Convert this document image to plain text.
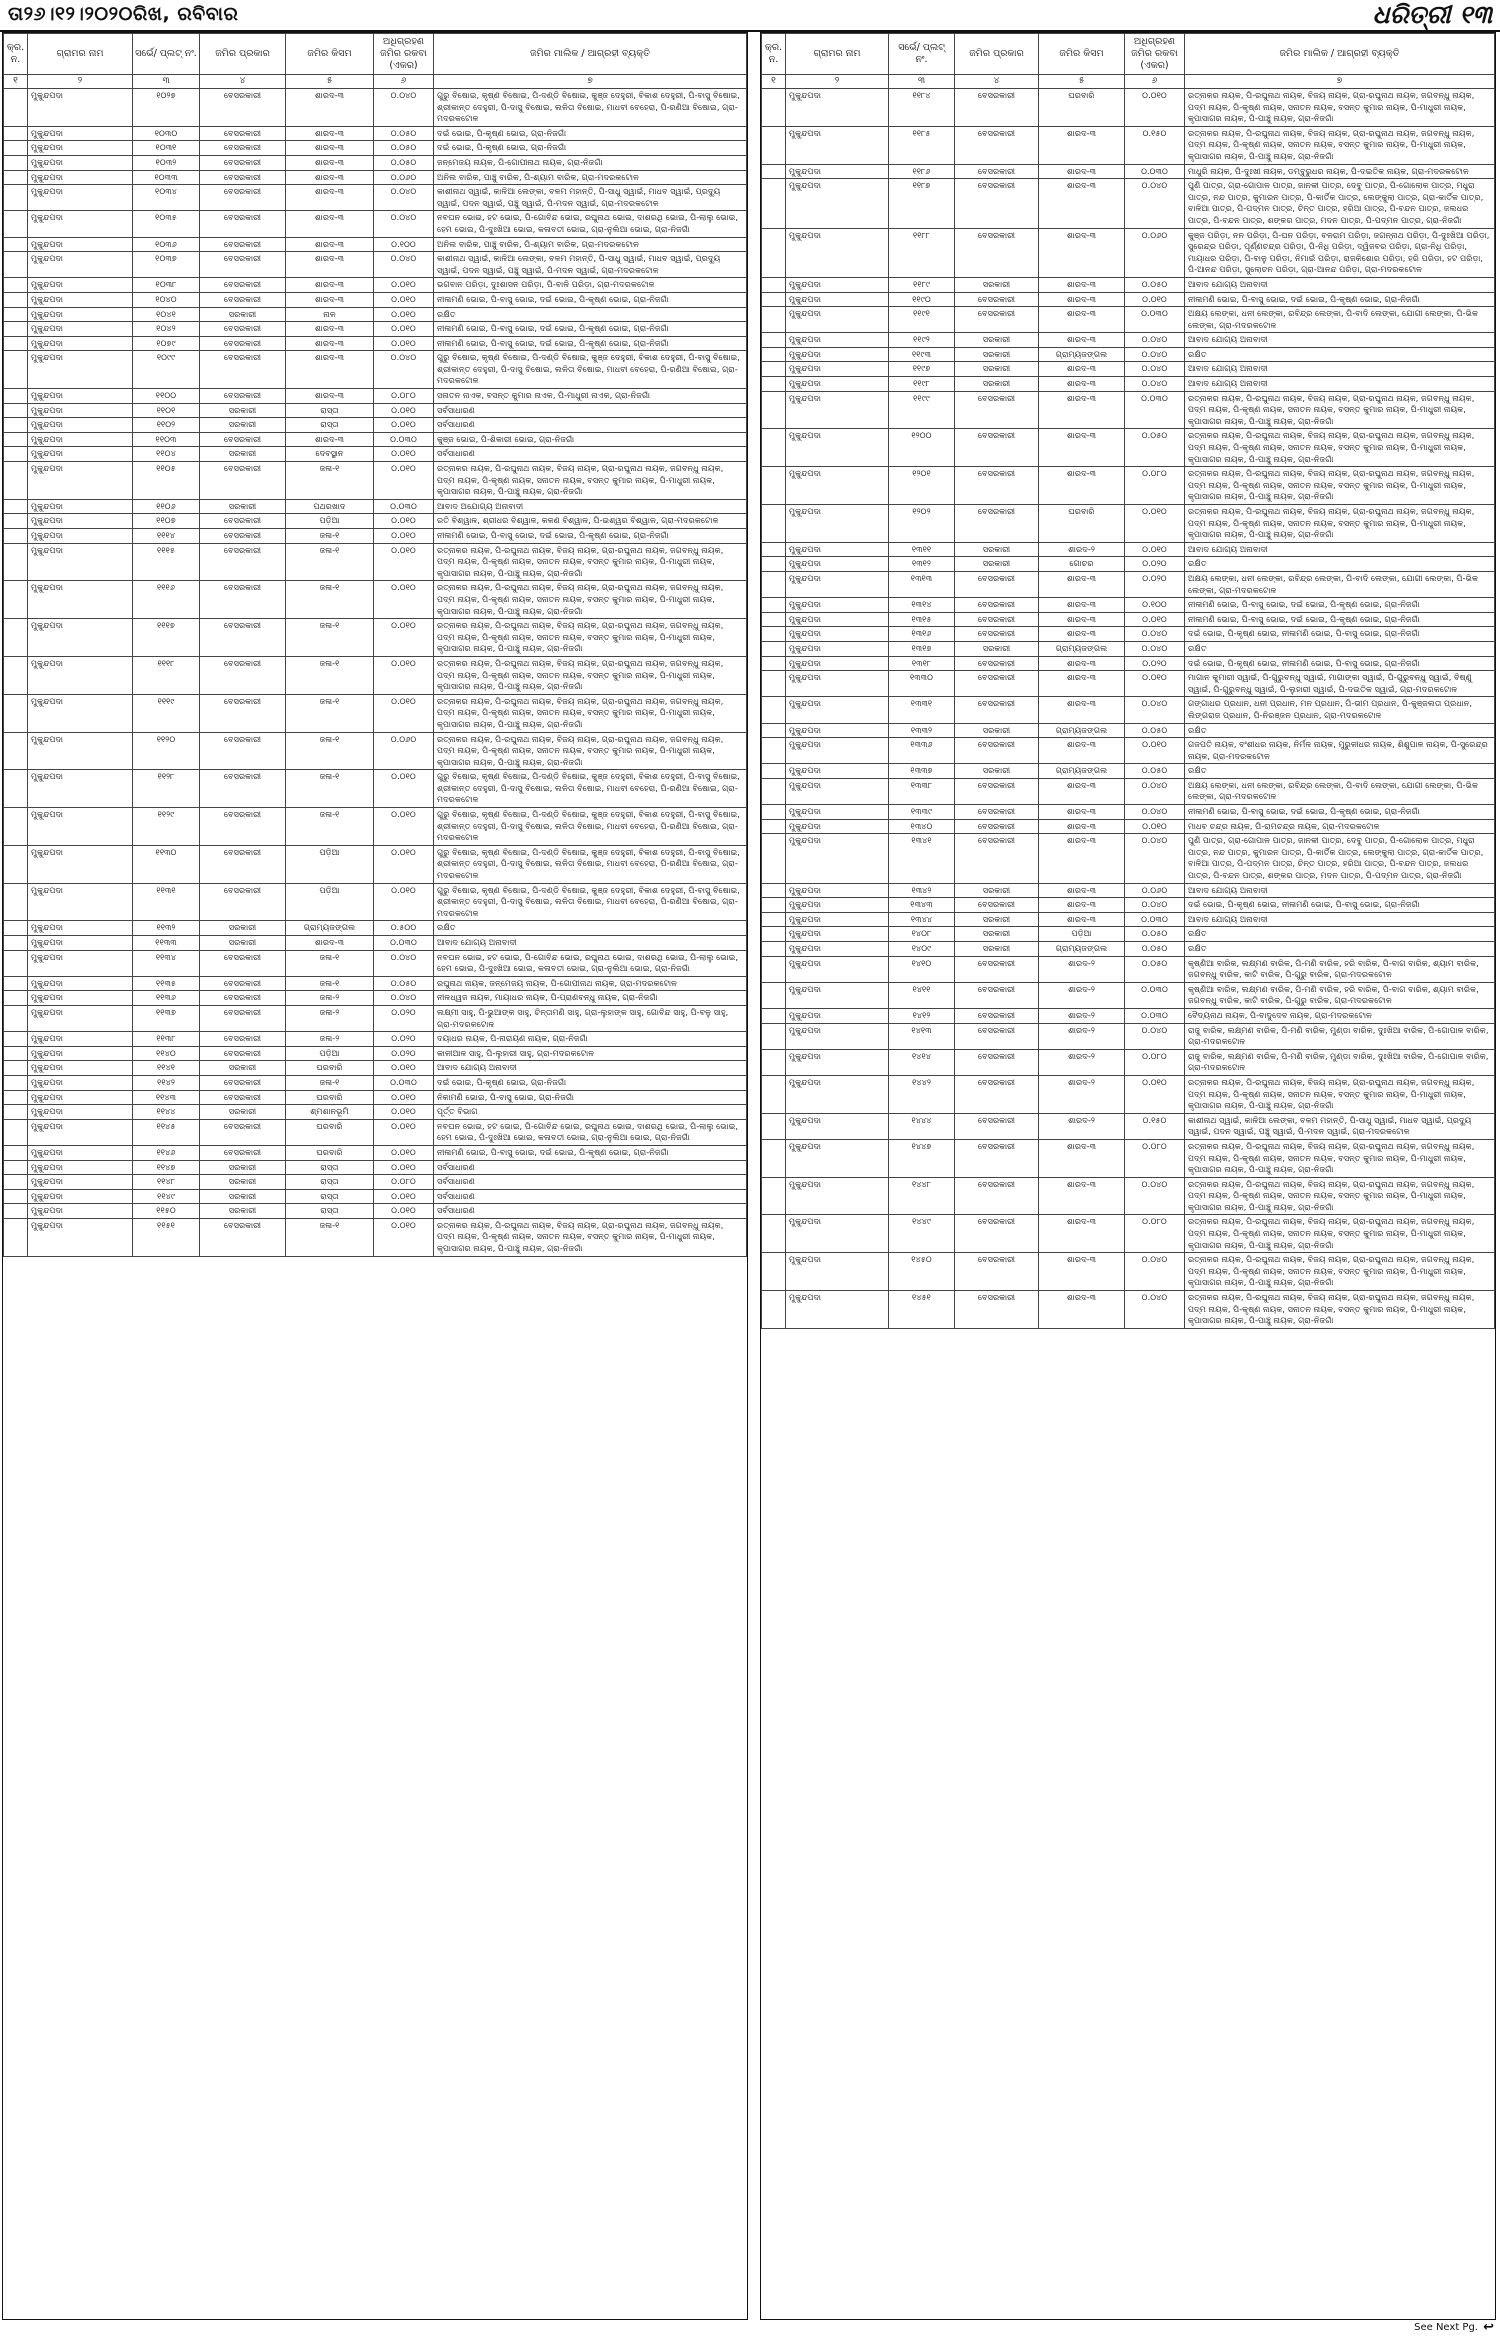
ତା୨୬।୧୨।୨୦୨୦ରିଖ, ରବିବାର	ଧରିତ୍ରୀ ୧୩
କ୍ର. ନ.	ଗ୍ରାମର ନାମ	ସର୍ଭେ/ ପ୍ଲଟ୍ ନଂ.	ଜମିର ପ୍ରକାର	ଜମିର କିସମ	ଅଧିଗ୍ରହଣ ଜମିର ରକବା (ଏକର)	ଜମିର ମାଲିକ / ଆଗ୍ରହୀ ବ୍ୟକ୍ତି
୧	୨	୩	୪	୫	୬	୭
	ମୁକୁନ୍ଦପଦା	୧୦୨୭	ବେସରକାରୀ	ଶାରଦ-୩	୦.୦୪୦	ଗୁରୁ ବିଷୋଇ, କୃଷ୍ଣ ବିଷୋଇ, ପି-ଦଣ୍ଡି ବିଷୋଇ, କୁଞ୍ଜ ଦେହୁରୀ, ବିକାଶ ଦେହୁରୀ, ପି-ବାସୁ ବିଷୋଇ, ଶ୍ରୀକାନ୍ତ ଦେହୁରୀ, ପି-ଦାସୁ ବିଷୋଇ, ଲଳିତା ବିଷୋଇ, ମାଧବୀ ବେହେରା, ପି-ରଣିଆ ବିଷୋଇ, ଗ୍ରା-ମଦରକଟୋଳ
	ମୁକୁନ୍ଦପଦା	୧୦୩୦	ବେସରକାରୀ	ଶାରଦ-୩	୦.୦୫୦	ଦଇଁ ଭୋଇ, ପି-କୃଷ୍ଣ ଭୋଇ, ଗ୍ରା-ନିଜଗାଁ
	ମୁକୁନ୍ଦପଦା	୧୦୩୧	ବେସରକାରୀ	ଶାରଦ-୩	୦.୦୫୦	ଦଇଁ ଭୋଇ, ପି-କୃଷ୍ଣ ଭୋଇ, ଗ୍ରା-ନିଜଗାଁ
	ମୁକୁନ୍ଦପଦା	୧୦୩୨	ବେସରକାରୀ	ଶାରଦ-୩	୦.୦୫୦	ଜନ୍ମେଜୟ ନାୟକ, ପି-ଗୋପୀନାଥ ନାୟକ, ଗ୍ରା-ନିଜଗାଁ
	ମୁକୁନ୍ଦପଦା	୧୦୩୩	ବେସରକାରୀ	ଶାରଦ-୩	୦.୦୬୦	ଅନିଲ ବାରିକ, ପାଞ୍ଚୁ ବାରିକ, ପି-ଶ୍ୟାମ ବାରିକ, ଗ୍ରା-ମଦରକଟୋଳ
	ମୁକୁନ୍ଦପଦା	୧୦୩୪	ବେସରକାରୀ	ଶାରଦ-୩	୦.୦୪୦	କାଶୀନାଥ ସ୍ୱାଇଁ, କାଳିଆ ଲେଙ୍କା, ବଳମ ମହାନ୍ତି, ପି-ସାଧୁ ସ୍ୱାଇଁ, ମାଧବ ସ୍ୱାଇଁ, ପ୍ରଦ୍ୟୁ ସ୍ୱାଇଁ, ପଦନ ସ୍ୱାଇଁ, ପଞ୍ଚୁ ସ୍ୱାଇଁ, ପି-ମଦନ ସ୍ୱାଇଁ, ଗ୍ରା-ମଦରକଟୋଳ
	ମୁକୁନ୍ଦପଦା	୧୦୩୫	ବେସରକାରୀ	ଶାରଦ-୩	୦.୦୪୦	ନବଘନ ଭୋଇ, ହଟ ଭୋଇ, ପି-ଗୋବିନ୍ଦ ଭୋଇ, ରଘୁନାଥ ଭୋଇ, ଦାଶରଥି ଭୋଇ, ପି-ଲାଲୁ ଭୋଇ, ହେମ ଭୋଇ, ପି-ଦୁଃଖିଆ ଭୋଇ, କଳାବତୀ ଭୋଇ, ଗ୍ରା-ନୁଲିଆ ଭୋଇ, ଗ୍ରା-ନିଜଗାଁ
	ମୁକୁନ୍ଦପଦା	୧୦୩୬	ବେସରକାରୀ	ଶାରଦ-୩	୦.୧୦୦	ଅନିଲ ବାରିକ, ପାଞ୍ଚୁ ବାରିକ, ପି-ଶ୍ୟାମ ବାରିକ, ଗ୍ରା-ମଦରକଟୋଳ
	ମୁକୁନ୍ଦପଦା	୧୦୩୭	ବେସରକାରୀ	ଶାରଦ-୩	୦.୦୪୦	କାଶୀନାଥ ସ୍ୱାଇଁ, କାଳିଆ ଲେଙ୍କା, ବଳମ ମହାନ୍ତି, ପି-ସାଧୁ ସ୍ୱାଇଁ, ମାଧବ ସ୍ୱାଇଁ, ପ୍ରଦ୍ୟୁ ସ୍ୱାଇଁ, ପଦନ ସ୍ୱାଇଁ, ପଞ୍ଚୁ ସ୍ୱାଇଁ, ପି-ମଦନ ସ୍ୱାଇଁ, ଗ୍ରା-ମଦରକଟୋଳ
	ମୁକୁନ୍ଦପଦା	୧୦୩୮	ବେସରକାରୀ	ଶାରଦ-୩	୦.୦୧୦	ଭଗବାନ ପରିଡ଼ା, ଦୁଃଶାସନ ପରିଡ଼ା, ପି-ବାଳି ପରିଡ଼ା, ଗ୍ରା-ମଦରକଟୋଳ
	ମୁକୁନ୍ଦପଦା	୧୦୪୦	ବେସରକାରୀ	ଶାରଦ-୩	୦.୦୧୦	ନୀଳାମଣି ଭୋଇ, ପି-ବାସୁ ଭୋଇ, ଦଇଁ ଭୋଇ, ପି-କୃଷ୍ଣ ଭୋଇ, ଗ୍ରା-ନିଜଗାଁ
	ମୁକୁନ୍ଦପଦା	୧୦୪୧	ସରକାରୀ	ନାଳ	୦.୦୧୦	ରକ୍ଷିତ
	ମୁକୁନ୍ଦପଦା	୧୦୪୨	ବେସରକାରୀ	ଶାରଦ-୩	୦.୦୧୦	ନୀଳାମଣି ଭୋଇ, ପି-ବାସୁ ଭୋଇ, ଦଇଁ ଭୋଇ, ପି-କୃଷ୍ଣ ଭୋଇ, ଗ୍ରା-ନିଜଗାଁ
	ମୁକୁନ୍ଦପଦା	୧୦୭୯	ବେସରକାରୀ	ଶାରଦ-୩	୦.୦୧୦	ନୀଳାମଣି ଭୋଇ, ପି-ବାସୁ ଭୋଇ, ଦଇଁ ଭୋଇ, ପି-କୃଷ୍ଣ ଭୋଇ, ଗ୍ରା-ନିଜଗାଁ
	ମୁକୁନ୍ଦପଦା	୧୦୯୯	ବେସରକାରୀ	ଶାରଦ-୩	୦.୦୪୦	ଗୁରୁ ବିଷୋଇ, କୃଷ୍ଣ ବିଷୋଇ, ପି-ଦଣ୍ଡି ବିଷୋଇ, କୁଞ୍ଜ ଦେହୁରୀ, ବିକାଶ ଦେହୁରୀ, ପି-ବାସୁ ବିଷୋଇ, ଶ୍ରୀକାନ୍ତ ଦେହୁରୀ, ପି-ଦାସୁ ବିଷୋଇ, ଲଳିତା ବିଷୋଇ, ମାଧବୀ ବେହେରା, ପି-ରଣିଆ ବିଷୋଇ, ଗ୍ରା-ମଦରକଟୋଳ
	ମୁକୁନ୍ଦପଦା	୧୧୦୦	ବେସରକାରୀ	ଶାରଦ-୩	୦.୦୮୦	ସନାତନ ନାଏକ, ବସନ୍ତ କୁମାର ନାଏକ, ପି-ମାଧୁରୀ ନାଏକ, ଗ୍ରା-ନିଜଗାଁ
	ମୁକୁନ୍ଦପଦା	୧୧୦୧	ସରକାରୀ	ରାସ୍ତା	୦.୦୧୦	ସର୍ବସାଧାରଣ
	ମୁକୁନ୍ଦପଦା	୧୧୦୨	ସରକାରୀ	ରାସ୍ତା	୦.୦୧୦	ସର୍ବସାଧାରଣ
	ମୁକୁନ୍ଦପଦା	୧୧୦୩	ବେସରକାରୀ	ଶାରଦ-୩	୦.୦୩୦	କୁଞ୍ଜ ଭୋଇ, ପି-ଶିକାରୀ ଭୋଇ, ଗ୍ରା-ନିଜଗାଁ
	ମୁକୁନ୍ଦପଦା	୧୧୦୪	ସରକାରୀ	ଦେବସ୍ଥାନ	୦.୦୧୦	ସର୍ବସାଧାରଣ
	ମୁକୁନ୍ଦପଦା	୧୧୦୫	ବେସରକାରୀ	ଜଳା-୧	୦.୦୧୦	ରତ୍ନାକର ନାୟକ, ପି-ରଘୁନାଥ ନାୟକ, ବିଜୟ ନାୟକ, ଗ୍ରା-ରଘୁନାଥ ନାୟକ, ଜଗବନ୍ଧୁ ନାୟକ, ପଦ୍ମ ନାୟକ, ପି-କୃଷ୍ଣ ନାୟକ, ସନାତନ ନାୟକ, ବସନ୍ତ କୁମାର ନାୟକ, ପି-ମାଧୁରୀ ନାୟକ, କୃପାସାଗର ନାୟକ, ପି-ପାଞ୍ଚୁ ନାୟକ, ଗ୍ରା-ନିଜଗାଁ
	ମୁକୁନ୍ଦପଦା	୧୧୦୬	ସରକାରୀ	ପଥରଖାଦ	୦.୦୩୦	ଆବାଦ ଅଯୋଗ୍ୟ ଅନାବାଦୀ
	ମୁକୁନ୍ଦପଦା	୧୧୦୭	ବେସରକାରୀ	ପଡ଼ିଆ	୦.୦୧୦	ରତି ବିଶ୍ୱାଳ, ଶ୍ରୀଧର ବିଶ୍ୱାଳ, କଳଣ ବିଶ୍ୱାଳ, ପି-ଇଶ୍ୱର ବିଶ୍ୱାଳ, ଗ୍ରା-ମଦରକଟୋଳ
	ମୁକୁନ୍ଦପଦା	୧୧୧୪	ବେସରକାରୀ	ଜଳା-୧	୦.୦୧୦	ନୀଳାମଣି ଭୋଇ, ପି-ବାସୁ ଭୋଇ, ଦଇଁ ଭୋଇ, ପି-କୃଷ୍ଣ ଭୋଇ, ଗ୍ରା-ନିଜଗାଁ
	ମୁକୁନ୍ଦପଦା	୧୧୧୫	ବେସରକାରୀ	ଜଳା-୧	୦.୦୧୦	ରତ୍ନାକର ନାୟକ, ପି-ରଘୁନାଥ ନାୟକ, ବିଜୟ ନାୟକ, ଗ୍ରା-ରଘୁନାଥ ନାୟକ, ଜଗବନ୍ଧୁ ନାୟକ, ପଦ୍ମ ନାୟକ, ପି-କୃଷ୍ଣ ନାୟକ, ସନାତନ ନାୟକ, ବସନ୍ତ କୁମାର ନାୟକ, ପି-ମାଧୁରୀ ନାୟକ, କୃପାସାଗର ନାୟକ, ପି-ପାଞ୍ଚୁ ନାୟକ, ଗ୍ରା-ନିଜଗାଁ
	ମୁକୁନ୍ଦପଦା	୧୧୧୬	ବେସରକାରୀ	ଜଳା-୧	୦.୦୧୦	ରତ୍ନାକର ନାୟକ, ପି-ରଘୁନାଥ ନାୟକ, ବିଜୟ ନାୟକ, ଗ୍ରା-ରଘୁନାଥ ନାୟକ, ଜଗବନ୍ଧୁ ନାୟକ, ପଦ୍ମ ନାୟକ, ପି-କୃଷ୍ଣ ନାୟକ, ସନାତନ ନାୟକ, ବସନ୍ତ କୁମାର ନାୟକ, ପି-ମାଧୁରୀ ନାୟକ, କୃପାସାଗର ନାୟକ, ପି-ପାଞ୍ଚୁ ନାୟକ, ଗ୍ରା-ନିଜଗାଁ
	ମୁକୁନ୍ଦପଦା	୧୧୧୭	ବେସରକାରୀ	ଜଳା-୧	୦.୦୧୦	ରତ୍ନାକର ନାୟକ, ପି-ରଘୁନାଥ ନାୟକ, ବିଜୟ ନାୟକ, ଗ୍ରା-ରଘୁନାଥ ନାୟକ, ଜଗବନ୍ଧୁ ନାୟକ, ପଦ୍ମ ନାୟକ, ପି-କୃଷ୍ଣ ନାୟକ, ସନାତନ ନାୟକ, ବସନ୍ତ କୁମାର ନାୟକ, ପି-ମାଧୁରୀ ନାୟକ, କୃପାସାଗର ନାୟକ, ପି-ପାଞ୍ଚୁ ନାୟକ, ଗ୍ରା-ନିଜଗାଁ
	ମୁକୁନ୍ଦପଦା	୧୧୧୮	ବେସରକାରୀ	ଜଳା-୧	୦.୦୧୦	ରତ୍ନାକର ନାୟକ, ପି-ରଘୁନାଥ ନାୟକ, ବିଜୟ ନାୟକ, ଗ୍ରା-ରଘୁନାଥ ନାୟକ, ଜଗବନ୍ଧୁ ନାୟକ, ପଦ୍ମ ନାୟକ, ପି-କୃଷ୍ଣ ନାୟକ, ସନାତନ ନାୟକ, ବସନ୍ତ କୁମାର ନାୟକ, ପି-ମାଧୁରୀ ନାୟକ, କୃପାସାଗର ନାୟକ, ପି-ପାଞ୍ଚୁ ନାୟକ, ଗ୍ରା-ନିଜଗାଁ
	ମୁକୁନ୍ଦପଦା	୧୧୧୯	ବେସରକାରୀ	ଜଳା-୧	୦.୦୧୦	ରତ୍ନାକର ନାୟକ, ପି-ରଘୁନାଥ ନାୟକ, ବିଜୟ ନାୟକ, ଗ୍ରା-ରଘୁନାଥ ନାୟକ, ଜଗବନ୍ଧୁ ନାୟକ, ପଦ୍ମ ନାୟକ, ପି-କୃଷ୍ଣ ନାୟକ, ସନାତନ ନାୟକ, ବସନ୍ତ କୁମାର ନାୟକ, ପି-ମାଧୁରୀ ନାୟକ, କୃପାସାଗର ନାୟକ, ପି-ପାଞ୍ଚୁ ନାୟକ, ଗ୍ରା-ନିଜଗାଁ
	ମୁକୁନ୍ଦପଦା	୧୧୨୦	ବେସରକାରୀ	ଜଳା-୧	୦.୦୬୦	ରତ୍ନାକର ନାୟକ, ପି-ରଘୁନାଥ ନାୟକ, ବିଜୟ ନାୟକ, ଗ୍ରା-ରଘୁନାଥ ନାୟକ, ଜଗବନ୍ଧୁ ନାୟକ, ପଦ୍ମ ନାୟକ, ପି-କୃଷ୍ଣ ନାୟକ, ସନାତନ ନାୟକ, ବସନ୍ତ କୁମାର ନାୟକ, ପି-ମାଧୁରୀ ନାୟକ, କୃପାସାଗର ନାୟକ, ପି-ପାଞ୍ଚୁ ନାୟକ, ଗ୍ରା-ନିଜଗାଁ
	ମୁକୁନ୍ଦପଦା	୧୧୨୮	ବେସରକାରୀ	ଜଳା-୧	୦.୦୧୦	ଗୁରୁ ବିଷୋଇ, କୃଷ୍ଣ ବିଷୋଇ, ପି-ଦଣ୍ଡି ବିଷୋଇ, କୁଞ୍ଜ ଦେହୁରୀ, ବିକାଶ ଦେହୁରୀ, ପି-ବାସୁ ବିଷୋଇ, ଶ୍ରୀକାନ୍ତ ଦେହୁରୀ, ପି-ଦାସୁ ବିଷୋଇ, ଲଳିତା ବିଷୋଇ, ମାଧବୀ ବେହେରା, ପି-ରଣିଆ ବିଷୋଇ, ଗ୍ରା-ମଦରକଟୋଳ
	ମୁକୁନ୍ଦପଦା	୧୧୨୯	ବେସରକାରୀ	ଜଳା-୧	୦.୦୧୦	ଗୁରୁ ବିଷୋଇ, କୃଷ୍ଣ ବିଷୋଇ, ପି-ଦଣ୍ଡି ବିଷୋଇ, କୁଞ୍ଜ ଦେହୁରୀ, ବିକାଶ ଦେହୁରୀ, ପି-ବାସୁ ବିଷୋଇ, ଶ୍ରୀକାନ୍ତ ଦେହୁରୀ, ପି-ଦାସୁ ବିଷୋଇ, ଲଳିତା ବିଷୋଇ, ମାଧବୀ ବେହେରା, ପି-ରଣିଆ ବିଷୋଇ, ଗ୍ରା-ମଦରକଟୋଳ
	ମୁକୁନ୍ଦପଦା	୧୧୩୦	ବେସରକାରୀ	ପଡ଼ିଆ	୦.୦୧୦	ଗୁରୁ ବିଷୋଇ, କୃଷ୍ଣ ବିଷୋଇ, ପି-ଦଣ୍ଡି ବିଷୋଇ, କୁଞ୍ଜ ଦେହୁରୀ, ବିକାଶ ଦେହୁରୀ, ପି-ବାସୁ ବିଷୋଇ, ଶ୍ରୀକାନ୍ତ ଦେହୁରୀ, ପି-ଦାସୁ ବିଷୋଇ, ଲଳିତା ବିଷୋଇ, ମାଧବୀ ବେହେରା, ପି-ରଣିଆ ବିଷୋଇ, ଗ୍ରା-ମଦରକଟୋଳ
	ମୁକୁନ୍ଦପଦା	୧୧୩୧	ବେସରକାରୀ	ପଡ଼ିଆ	୦.୦୧୦	ଗୁରୁ ବିଷୋଇ, କୃଷ୍ଣ ବିଷୋଇ, ପି-ଦଣ୍ଡି ବିଷୋଇ, କୁଞ୍ଜ ଦେହୁରୀ, ବିକାଶ ଦେହୁରୀ, ପି-ବାସୁ ବିଷୋଇ, ଶ୍ରୀକାନ୍ତ ଦେହୁରୀ, ପି-ଦାସୁ ବିଷୋଇ, ଲଳିତା ବିଷୋଇ, ମାଧବୀ ବେହେରା, ପି-ରଣିଆ ବିଷୋଇ, ଗ୍ରା-ମଦରକଟୋଳ
	ମୁକୁନ୍ଦପଦା	୧୧୩୨	ସରକାରୀ	ଗ୍ରାମ୍ୟଜଙ୍ଗଲ	୦.୫୦୦	ରକ୍ଷିତ
	ମୁକୁନ୍ଦପଦା	୧୧୩୩	ସରକାରୀ	ଶାରଦ-୩	୦.୦୩୦	ଆବାଦ ଯୋଗ୍ୟ ଅନାବାଦୀ
	ମୁକୁନ୍ଦପଦା	୧୧୩୪	ବେସରକାରୀ	ଜଳା-୧	୦.୦୪୦	ନବଘନ ଭୋଇ, ହଟ ଭୋଇ, ପି-ଗୋବିନ୍ଦ ଭୋଇ, ରଘୁନାଥ ଭୋଇ, ଦାଶରଥି ଭୋଇ, ପି-ଲାଲୁ ଭୋଇ, ହେମ ଭୋଇ, ପି-ଦୁଃଖିଆ ଭୋଇ, କଳାବତୀ ଭୋଇ, ଗ୍ରା-ନୁଲିଆ ଭୋଇ, ଗ୍ରା-ନିଜଗାଁ
	ମୁକୁନ୍ଦପଦା	୧୧୩୫	ବେସରକାରୀ	ଜଳା-୧	୦.୦୫୦	ରଘୁନାଥ ନାୟକ, ଜନ୍ମେଜୟ ନାୟକ, ପି-ଗୋପୀନାଥ ନାୟକ, ଗ୍ରା-ମଦରକଟୋଳ
	ମୁକୁନ୍ଦପଦା	୧୧୩୬	ବେସରକାରୀ	ଜଳା-୨	୦.୦୪୦	ନୀଳଧ୍ୱଜ ନାୟକ, ମାୟାଧର ନାୟକ, ପି-ପ୍ରାଣବନ୍ଧୁ ନାୟକ, ଗ୍ରା-ନିଜଗାଁ
	ମୁକୁନ୍ଦପଦା	୧୧୩୭	ବେସରକାରୀ	ଜଳା-୨	୦.୦୨୦	ଲକ୍ଷ୍ମୀ ସାହୁ, ପି-ଭୁଆଙ୍କ ସାହୁ, ଚିନ୍ତାମଣି ସାହୁ, ଗ୍ରା-ଲୁହାଙ୍କ ସାହୁ, ଗୋବିନ୍ଦ ସାହୁ, ପି-ବଳୁ ସାହୁ, ଗ୍ରା-ମଦରକଟୋଳ
	ମୁକୁନ୍ଦପଦା	୧୧୩୮	ବେସରକାରୀ	ଜଳା-୨	୦.୦୨୦	ଦୟାଧର ନାୟକ, ପି-ନାରାୟଣ ନାୟକ, ଗ୍ରା-ନିଜଗାଁ
	ମୁକୁନ୍ଦପଦା	୧୧୪୦	ବେସରକାରୀ	ପଡ଼ିଆ	୦.୦୨୦	କାଳୀଆଳ ସାହୁ, ପି-ଲୁହାରୀ ସାହୁ, ଗ୍ରା-ମଦରକଟୋଳ
	ମୁକୁନ୍ଦପଦା	୧୧୪୧	ସରକାରୀ	ଘରବାରି	୦.୦୧୦	ଆବାଦ ଯୋଗ୍ୟ ଅନାବାଦୀ
	ମୁକୁନ୍ଦପଦା	୧୧୪୨	ବେସରକାରୀ	ଜଳା-୧	୦.୦୩୦	ଦଇଁ ଭୋଇ, ପି-କୃଷ୍ଣ ଭୋଇ, ଗ୍ରା-ନିଜଗାଁ
	ମୁକୁନ୍ଦପଦା	୧୧୪୩	ବେସରକାରୀ	ଘରବାରି	୦.୦୧୦	ନିକାମଣି ଭୋଇ, ପି-ବାସୁ ଭୋଇ, ଗ୍ରା-ନିଜଗାଁ
	ମୁକୁନ୍ଦପଦା	୧୧୪୪	ସରକାରୀ	ଶ୍ମଶାନଭୂମି	୦.୦୧୦	ପୂର୍ତ୍ତ ବିଭାଗ
	ମୁକୁନ୍ଦପଦା	୧୧୪୫	ବେସରକାରୀ	ଘରବାରି	୦.୦୧୦	ନବଘନ ଭୋଇ, ହଟ ଭୋଇ, ପି-ଗୋବିନ୍ଦ ଭୋଇ, ରଘୁନାଥ ଭୋଇ, ଦାଶରଥି ଭୋଇ, ପି-ଲାଲୁ ଭୋଇ, ହେମ ଭୋଇ, ପି-ଦୁଃଖିଆ ଭୋଇ, କଳାବତୀ ଭୋଇ, ଗ୍ରା-ନୁଲିଆ ଭୋଇ, ଗ୍ରା-ନିଜଗାଁ
	ମୁକୁନ୍ଦପଦା	୧୧୪୬	ବେସରକାରୀ	ଘରବାରି	୦.୦୧୦	ନୀଳାମଣି ଭୋଇ, ପି-ବାସୁ ଭୋଇ, ଦଇଁ ଭୋଇ, ପି-କୃଷ୍ଣ ଭୋଇ, ଗ୍ରା-ନିଜଗାଁ
	ମୁକୁନ୍ଦପଦା	୧୧୪୭	ସରକାରୀ	ରାସ୍ତା	୦.୦୧୦	ସର୍ବସାଧାରଣ
	ମୁକୁନ୍ଦପଦା	୧୧୪୮	ସରକାରୀ	ରାସ୍ତା	୦.୦୮୦	ସର୍ବସାଧାରଣ
	ମୁକୁନ୍ଦପଦା	୧୧୪୯	ସରକାରୀ	ରାସ୍ତା	୦.୦୧୦	ସର୍ବସାଧାରଣ
	ମୁକୁନ୍ଦପଦା	୧୧୫୦	ସରକାରୀ	ରାସ୍ତା	୦.୦୧୦	ସର୍ବସାଧାରଣ
	ମୁକୁନ୍ଦପଦା	୧୧୫୧	ବେସରକାରୀ	ଜଳା-୧	୦.୦୧୦	ରତ୍ନାକର ନାୟକ, ପି-ରଘୁନାଥ ନାୟକ, ବିଜୟ ନାୟକ, ଗ୍ରା-ରଘୁନାଥ ନାୟକ, ଜଗବନ୍ଧୁ ନାୟକ, ପଦ୍ମ ନାୟକ, ପି-କୃଷ୍ଣ ନାୟକ, ସନାତନ ନାୟକ, ବସନ୍ତ କୁମାର ନାୟକ, ପି-ମାଧୁରୀ ନାୟକ, କୃପାସାଗର ନାୟକ, ପି-ପାଞ୍ଚୁ ନାୟକ, ଗ୍ରା-ନିଜଗାଁ
କ୍ର. ନ.	ଗ୍ରାମର ନାମ	ସର୍ଭେ/ ପ୍ଲଟ୍ ନଂ.	ଜମିର ପ୍ରକାର	ଜମିର କିସମ	ଅଧିଗ୍ରହଣ ଜମିର ରକବା (ଏକର)	ଜମିର ମାଲିକ / ଆଗ୍ରହୀ ବ୍ୟକ୍ତି
୧	୨	୩	୪	୫	୬	୭
	ମୁକୁନ୍ଦପଦା	୧୧୮୪	ବେସରକାରୀ	ଘରବାରି	୦.୦୧୦	ରତ୍ନାକର ନାୟକ, ପି-ରଘୁନାଥ ନାୟକ, ବିଜୟ ନାୟକ, ଗ୍ରା-ରଘୁନାଥ ନାୟକ, ଜଗବନ୍ଧୁ ନାୟକ, ପଦ୍ମ ନାୟକ, ପି-କୃଷ୍ଣ ନାୟକ, ସନାତନ ନାୟକ, ବସନ୍ତ କୁମାର ନାୟକ, ପି-ମାଧୁରୀ ନାୟକ, କୃପାସାଗର ନାୟକ, ପି-ପାଞ୍ଚୁ ନାୟକ, ଗ୍ରା-ନିଜଗାଁ
	ମୁକୁନ୍ଦପଦା	୧୧୮୫	ବେସରକାରୀ	ଶାରଦ-୩	୦.୧୫୦	ରତ୍ନାକର ନାୟକ, ପି-ରଘୁନାଥ ନାୟକ, ବିଜୟ ନାୟକ, ଗ୍ରା-ରଘୁନାଥ ନାୟକ, ଜଗବନ୍ଧୁ ନାୟକ, ପଦ୍ମ ନାୟକ, ପି-କୃଷ୍ଣ ନାୟକ, ସନାତନ ନାୟକ, ବସନ୍ତ କୁମାର ନାୟକ, ପି-ମାଧୁରୀ ନାୟକ, କୃପାସାଗର ନାୟକ, ପି-ପାଞ୍ଚୁ ନାୟକ, ଗ୍ରା-ନିଜଗାଁ
	ମୁକୁନ୍ଦପଦା	୧୧୮୬	ବେସରକାରୀ	ଶାରଦ-୩	୦.୦୩୦	ମାଧୁରି ନାୟକ, ପି-ଦୁଃଖୀ ନାୟକ, ଡମ୍ବୁରୁଧର ନାୟକ, ପି-ଦଇତିକ ନାୟକ, ଗ୍ରା-ମଦରକଟୋଳ
	ମୁକୁନ୍ଦପଦା	୧୧୮୭	ବେସରକାରୀ	ଶାରଦ-୩	୦.୦୪୦	ପୁଣି ପାତ୍ର, ଗ୍ରା-ଗୋପାଳ ପାତ୍ର, ଜାନକୀ ପାତ୍ର, ଦେବୁ ପାତ୍ର, ପି-ଗୋଲୋକ ପାତ୍ର, ମଧୁରା ପାତ୍ର, ନନ୍ଦ ପାତ୍ର, କୁମାରନ ପାତ୍ର, ପି-କାର୍ତିକ ପାତ୍ର, ଲେଙ୍କୁଲା ପାତ୍ର, ଗ୍ରା-କାର୍ତିକ ପାତ୍ର, ବାଳିଆ ପାତ୍ର, ପି-ପଦ୍ମନ ପାତ୍ର, ଚିନ୍ତ ପାତ୍ର, ହରିଆ ପାତ୍ର, ପି-ବନ୍ଦନ ପାତ୍ର, ଜଲଧର ପାତ୍ର, ପି-ବନ୍ଦନ ପାତ୍ର, ଶଙ୍କର ପାତ୍ର, ମଦନ ପାତ୍ର, ପି-ପଦ୍ମନ ପାତ୍ର, ଗ୍ରା-ନିଜଗାଁ
	ମୁକୁନ୍ଦପଦା	୧୧୮୮	ବେସରକାରୀ	ଶାରଦ-୩	୦.୦୬୦	କୁଞ୍ଜ ପରିଡ଼ା, ନନ ପରିଡ଼ା, ପି-ଘନ ପରିଡ଼ା, ବଳରାମ ପରିଡ଼ା, ଜଗନ୍ନାଥ ପରିଡ଼ା, ପି-ଦୁଃଖିଆ ପରିଡ଼ା, ସୁରେନ୍ଦ୍ର ପରିଡ଼ା, ପୂର୍ଣ୍ଣଚନ୍ଦ୍ର ପରିଡ଼ା, ପି-ନିଧି ପରିଡ଼ା, ଦ୍ୱିଜବର ପରିଡ଼ା, ଗ୍ରା-ନିଧି ପରିଡ଼ା, ମାୟାଧର ପରିଡ଼ା, ପି-ବାଳୁ ପରିଡ଼ା, ନିମାଇଁ ପରିଡ଼ା, ରାଜକିଶୋର ପରିଡ଼ା, ହରି ପରିଡ଼ା, ହଟ ପରିଡ଼ା, ପି-ଆନନ୍ଦ ପରିଡ଼ା, ସୁଲୋଚନ ପରିଡ଼ା, ଗ୍ରା-ଆନନ୍ଦ ପରିଡ଼ା, ଗ୍ରା-ମଦରକଟୋଳ
	ମୁକୁନ୍ଦପଦା	୧୧୮୯	ସରକାରୀ	ଶାରଦ-୩	୦.୦୫୦	ଆବାଦ ଯୋଗ୍ୟ ଅନାବାଦୀ
	ମୁକୁନ୍ଦପଦା	୧୧୯୦	ବେସରକାରୀ	ଶାରଦ-୩	୦.୦୧୦	ନୀଳାମଣି ଭୋଇ, ପି-ବାସୁ ଭୋଇ, ଦଇଁ ଭୋଇ, ପି-କୃଷ୍ଣ ଭୋଇ, ଗ୍ରା-ନିଜଗାଁ
	ମୁକୁନ୍ଦପଦା	୧୧୯୧	ବେସରକାରୀ	ଶାରଦ-୩	୦.୦୩୦	ଅକ୍ଷୟ ଲେଙ୍କା, ଧନୀ ଲେଙ୍କା, ରବିନ୍ଦ୍ର ଲେଙ୍କା, ପି-ବାଦି ଲେଙ୍କା, ଯୋଗୀ ଲେଙ୍କା, ପି-ଭିକ ଲେଙ୍କା, ଗ୍ରା-ମଦରକଟୋଳ
	ମୁକୁନ୍ଦପଦା	୧୧୯୨	ସରକାରୀ	ଶାରଦ-୩	୦.୦୪୦	ଆବାଦ ଯୋଗ୍ୟ ଅନାବାଦୀ
	ମୁକୁନ୍ଦପଦା	୧୧୯୩	ସରକାରୀ	ଗ୍ରାମ୍ୟଜଙ୍ଗଲ	୦.୦୪୦	ରକ୍ଷିତ
	ମୁକୁନ୍ଦପଦା	୧୧୯୭	ସରକାରୀ	ଶାରଦ-୩	୦.୦୪୦	ଆବାଦ ଯୋଗ୍ୟ ଅନାବାଦୀ
	ମୁକୁନ୍ଦପଦା	୧୧୯୮	ସରକାରୀ	ଶାରଦ-୩	୦.୦୪୦	ଆବାଦ ଯୋଗ୍ୟ ଅନାବାଦୀ
	ମୁକୁନ୍ଦପଦା	୧୧୯୯	ବେସରକାରୀ	ଶାରଦ-୩	୦.୦୩୦	ରତ୍ନାକର ନାୟକ, ପି-ରଘୁନାଥ ନାୟକ, ବିଜୟ ନାୟକ, ଗ୍ରା-ରଘୁନାଥ ନାୟକ, ଜଗବନ୍ଧୁ ନାୟକ, ପଦ୍ମ ନାୟକ, ପି-କୃଷ୍ଣ ନାୟକ, ସନାତନ ନାୟକ, ବସନ୍ତ କୁମାର ନାୟକ, ପି-ମାଧୁରୀ ନାୟକ, କୃପାସାଗର ନାୟକ, ପି-ପାଞ୍ଚୁ ନାୟକ, ଗ୍ରା-ନିଜଗାଁ
	ମୁକୁନ୍ଦପଦା	୧୨୦୦	ବେସରକାରୀ	ଶାରଦ-୩	୦.୦୫୦	ରତ୍ନାକର ନାୟକ, ପି-ରଘୁନାଥ ନାୟକ, ବିଜୟ ନାୟକ, ଗ୍ରା-ରଘୁନାଥ ନାୟକ, ଜଗବନ୍ଧୁ ନାୟକ, ପଦ୍ମ ନାୟକ, ପି-କୃଷ୍ଣ ନାୟକ, ସନାତନ ନାୟକ, ବସନ୍ତ କୁମାର ନାୟକ, ପି-ମାଧୁରୀ ନାୟକ, କୃପାସାଗର ନାୟକ, ପି-ପାଞ୍ଚୁ ନାୟକ, ଗ୍ରା-ନିଜଗାଁ
	ମୁକୁନ୍ଦପଦା	୧୨୦୧	ବେସରକାରୀ	ଶାରଦ-୩	୦.୦୮୦	ରତ୍ନାକର ନାୟକ, ପି-ରଘୁନାଥ ନାୟକ, ବିଜୟ ନାୟକ, ଗ୍ରା-ରଘୁନାଥ ନାୟକ, ଜଗବନ୍ଧୁ ନାୟକ, ପଦ୍ମ ନାୟକ, ପି-କୃଷ୍ଣ ନାୟକ, ସନାତନ ନାୟକ, ବସନ୍ତ କୁମାର ନାୟକ, ପି-ମାଧୁରୀ ନାୟକ, କୃପାସାଗର ନାୟକ, ପି-ପାଞ୍ଚୁ ନାୟକ, ଗ୍ରା-ନିଜଗାଁ
	ମୁକୁନ୍ଦପଦା	୧୨୦୨	ବେସରକାରୀ	ଘରବାରି	୦.୦୧୦	ରତ୍ନାକର ନାୟକ, ପି-ରଘୁନାଥ ନାୟକ, ବିଜୟ ନାୟକ, ଗ୍ରା-ରଘୁନାଥ ନାୟକ, ଜଗବନ୍ଧୁ ନାୟକ, ପଦ୍ମ ନାୟକ, ପି-କୃଷ୍ଣ ନାୟକ, ସନାତନ ନାୟକ, ବସନ୍ତ କୁମାର ନାୟକ, ପି-ମାଧୁରୀ ନାୟକ, କୃପାସାଗର ନାୟକ, ପି-ପାଞ୍ଚୁ ନାୟକ, ଗ୍ରା-ନିଜଗାଁ
	ମୁକୁନ୍ଦପଦା	୧୩୧୧	ସରକାରୀ	ଶାରଦ-୨	୦.୦୧୦	ଆବାଦ ଯୋଗ୍ୟ ଅନାବାଦୀ
	ମୁକୁନ୍ଦପଦା	୧୩୧୨	ସରକାରୀ	ଗୋଚର	୦.୦୨୦	ରକ୍ଷିତ
	ମୁକୁନ୍ଦପଦା	୧୩୧୩	ବେସରକାରୀ	ଶାରଦ-୩	୦.୦୨୦	ଅକ୍ଷୟ ଲେଙ୍କା, ଧନୀ ଲେଙ୍କା, ରବିନ୍ଦ୍ର ଲେଙ୍କା, ପି-ବାଦି ଲେଙ୍କା, ଯୋଗୀ ଲେଙ୍କା, ପି-ଭିକ ଲେଙ୍କା, ଗ୍ରା-ମଦରକଟୋଳ
	ମୁକୁନ୍ଦପଦା	୧୩୧୪	ବେସରକାରୀ	ଶାରଦ-୩	୦.୧୦୦	ନୀଳାମଣି ଭୋଇ, ପି-ବାସୁ ଭୋଇ, ଦଇଁ ଭୋଇ, ପି-କୃଷ୍ଣ ଭୋଇ, ଗ୍ରା-ନିଜଗାଁ
	ମୁକୁନ୍ଦପଦା	୧୩୧୫	ବେସରକାରୀ	ଶାରଦ-୩	୦.୦୧୦	ନୀଳାମଣି ଭୋଇ, ପି-ବାସୁ ଭୋଇ, ଦଇଁ ଭୋଇ, ପି-କୃଷ୍ଣ ଭୋଇ, ଗ୍ରା-ନିଜଗାଁ
	ମୁକୁନ୍ଦପଦା	୧୩୧୬	ବେସରକାରୀ	ଶାରଦ-୩	୦.୦୪୦	ଦଇଁ ଭୋଇ, ପି-କୃଷ୍ଣ ଭୋଇ, ନୀଳାମଣି ଭୋଇ, ପି-ବାସୁ ଭୋଇ, ଗ୍ରା-ନିଜଗାଁ
	ମୁକୁନ୍ଦପଦା	୧୩୧୭	ସରକାରୀ	ଗ୍ରାମ୍ୟଜଙ୍ଗଲ	୦.୦୪୦	ରକ୍ଷିତ
	ମୁକୁନ୍ଦପଦା	୧୩୧୮	ବେସରକାରୀ	ଶାରଦ-୩	୦.୦୨୦	ଦଇଁ ଭୋଇ, ପି-କୃଷ୍ଣ ଭୋଇ, ନୀଳାମଣି ଭୋଇ, ପି-ବାସୁ ଭୋଇ, ଗ୍ରା-ନିଜଗାଁ
	ମୁକୁନ୍ଦପଦା	୧୩୩୦	ବେସରକାରୀ	ଶାରଦ-୩	୦.୦୧୦	ମାଗାନ କୁମାରୀ ସ୍ୱାଇଁ, ପି-ଗୁରୁବନ୍ଧୁ ସ୍ୱାଇଁ, ମାଗାଙ୍କା ସ୍ୱାଇଁ, ପି-ଗୁରୁବନ୍ଧୁ ସ୍ୱାଇଁ, ବିଷ୍ଣୁ ସ୍ୱାଇଁ, ପି-ଗୁରୁବନ୍ଧୁ ସ୍ୱାଇଁ, ପି-ଲୁହାରୀ ସ୍ୱାଇଁ, ପି-ଦଇତିକ ସ୍ୱାଇଁ, ଗ୍ରା-ମଦରକଟୋଳ
	ମୁକୁନ୍ଦପଦା	୧୩୩୧	ବେସରକାରୀ	ଶାରଦ-୩	୦.୦୪୦	ଗଙ୍ଗାଧର ପ୍ରଧାନ, ଧନୀ ପ୍ରଧାନ, ମନ ପ୍ରଧାନ, ପି-ଭୀମ ପ୍ରଧାନ, ପି-କୁଞ୍ଜଲତା ପ୍ରଧାନ, ଲିଙ୍ଗରାଜ ପ୍ରଧାନ, ପି-ନିରଞ୍ଜନ ପ୍ରଧାନ, ଗ୍ରା-ମଦରକଟୋଳ
	ମୁକୁନ୍ଦପଦା	୧୩୩୨	ସରକାରୀ	ଗ୍ରାମ୍ୟଜଙ୍ଗଲ	୦.୦୫୦	ରକ୍ଷିତ
	ମୁକୁନ୍ଦପଦା	୧୩୩୬	ବେସରକାରୀ	ଶାରଦ-୩	୦.୦୧୦	ଗଜପତି ନାୟକ, ବଂଶୀଧର ନାୟକ, ନିର୍ମଳ ନାୟକ, ମୁରୁଳୀଧର ନାୟକ, ଶିଶୁପାଳ ନାୟକ, ପି-ସୁରେନ୍ଦ୍ର ନାୟକ, ଗ୍ରା-ମଦରକଟୋଳ
	ମୁକୁନ୍ଦପଦା	୧୩୩୭	ସରକାରୀ	ଗ୍ରାମ୍ୟଜଙ୍ଗଲ	୦.୦୫୦	ରକ୍ଷିତ
	ମୁକୁନ୍ଦପଦା	୧୩୩୮	ବେସରକାରୀ	ଶାରଦ-୩	୦.୦୪୦	ଅକ୍ଷୟ ଲେଙ୍କା, ଧନୀ ଲେଙ୍କା, ରବିନ୍ଦ୍ର ଲେଙ୍କା, ପି-ବାଦି ଲେଙ୍କା, ଯୋଗୀ ଲେଙ୍କା, ପି-ଭିକ ଲେଙ୍କା, ଗ୍ରା-ମଦରକଟୋଳ
	ମୁକୁନ୍ଦପଦା	୧୩୩୯	ବେସରକାରୀ	ଶାରଦ-୩	୦.୦୪୦	ନୀଳାମଣି ଭୋଇ, ପି-ବାସୁ ଭୋଇ, ଦଇଁ ଭୋଇ, ପି-କୃଷ୍ଣ ଭୋଇ, ଗ୍ରା-ନିଜଗାଁ
	ମୁକୁନ୍ଦପଦା	୧୩୪୦	ବେସରକାରୀ	ଶାରଦ-୩	୦.୦୧୦	ମାଧବ ଚନ୍ଦ୍ର ନାୟକ, ପି-ରାମଚନ୍ଦ୍ର ନାୟକ, ଗ୍ରା-ମଦରକଟୋଳ
	ମୁକୁନ୍ଦପଦା	୧୩୪୧	ବେସରକାରୀ	ଶାରଦ-୩	୦.୦୪୦	ପୁଣି ପାତ୍ର, ଗ୍ରା-ଗୋପାଳ ପାତ୍ର, ଜାନକୀ ପାତ୍ର, ଦେବୁ ପାତ୍ର, ପି-ଗୋଲୋକ ପାତ୍ର, ମଧୁରା ପାତ୍ର, ନନ୍ଦ ପାତ୍ର, କୁମାରନ ପାତ୍ର, ପି-କାର୍ତିକ ପାତ୍ର, ଲେଙ୍କୁଲା ପାତ୍ର, ଗ୍ରା-କାର୍ତିକ ପାତ୍ର, ବାଳିଆ ପାତ୍ର, ପି-ପଦ୍ମନ ପାତ୍ର, ଚିନ୍ତ ପାତ୍ର, ହରିଆ ପାତ୍ର, ପି-ବନ୍ଦନ ପାତ୍ର, ଜଲଧର ପାତ୍ର, ପି-ବନ୍ଦନ ପାତ୍ର, ଶଙ୍କର ପାତ୍ର, ମଦନ ପାତ୍ର, ପି-ପଦ୍ମନ ପାତ୍ର, ଗ୍ରା-ନିଜଗାଁ
	ମୁକୁନ୍ଦପଦା	୧୩୪୨	ସରକାରୀ	ଶାରଦ-୩	୦.୦୬୦	ଆବାଦ ଯୋଗ୍ୟ ଅନାବାଦୀ
	ମୁକୁନ୍ଦପଦା	୧୩୪୩	ବେସରକାରୀ	ଶାରଦ-୩	୦.୦୪୦	ଦଇଁ ଭୋଇ, ପି-କୃଷ୍ଣ ଭୋଇ, ନୀଳାମଣି ଭୋଇ, ପି-ବାସୁ ଭୋଇ, ଗ୍ରା-ନିଜଗାଁ
	ମୁକୁନ୍ଦପଦା	୧୩୪୪	ସରକାରୀ	ଶାରଦ-୩	୦.୦୩୦	ଆବାଦ ଯୋଗ୍ୟ ଅନାବାଦୀ
	ମୁକୁନ୍ଦପଦା	୧୪୦୮	ସରକାରୀ	ପଡ଼ିଆ	୦.୦୫୦	ରକ୍ଷିତ
	ମୁକୁନ୍ଦପଦା	୧୪୦୯	ସରକାରୀ	ଗ୍ରାମ୍ୟଜଙ୍ଗଲ	୦.୦୫୦	ରକ୍ଷିତ
	ମୁକୁନ୍ଦପଦା	୧୪୧୦	ବେସରକାରୀ	ଶାରଦ-୨	୦.୦୫୦	କୃଷ୍ଣିଆ ବାରିକ, ଲକ୍ଷ୍ମଣ ବାରିକ, ପି-ମଣି ବାରିକ, ହରି ବାରିକ, ପି-ବାଗ ବାରିକ, ଶ୍ୟାମ ବାରିକ, ଜଗବନ୍ଧୁ ବାରିକ, କାଟି ବାରିକ, ପି-ଗୁରୁ ବାରିକ, ଗ୍ରା-ମଦରକଟୋଳ
	ମୁକୁନ୍ଦପଦା	୧୪୧୧	ବେସରକାରୀ	ଶାରଦ-୨	୦.୦୩୦	କୃଷ୍ଣିଆ ବାରିକ, ଲକ୍ଷ୍ମଣ ବାରିକ, ପି-ମଣି ବାରିକ, ହରି ବାରିକ, ପି-ବାଗ ବାରିକ, ଶ୍ୟାମ ବାରିକ, ଜଗବନ୍ଧୁ ବାରିକ, କାଟି ବାରିକ, ପି-ଗୁରୁ ବାରିକ, ଗ୍ରା-ମଦରକଟୋଳ
	ମୁକୁନ୍ଦପଦା	୧୪୧୨	ବେସରକାରୀ	ଶାରଦ-୨	୦.୦୩୦	ବୈଦ୍ୟନାଥ ନାୟକ, ପି-ବାଦୁଦେବ ନାୟକ, ଗ୍ରା-ମଦରକଟୋଳ
	ମୁକୁନ୍ଦପଦା	୧୪୧୩	ବେସରକାରୀ	ଶାରଦ-୨	୦.୦୪୦	ରାଜୁ ବାରିକ, ଲକ୍ଷ୍ମଣ ବାରିକ, ପି-ମଣି ବାରିକ, ମୁଣ୍ଡା ବାରିକ, ଦୁଃଖିଆ ବାରିକ, ପି-ଗୋପାଳ ବାରିକ, ଗ୍ରା-ମଦରକଟୋଳ
	ମୁକୁନ୍ଦପଦା	୧୪୧୪	ବେସରକାରୀ	ଶାରଦ-୨	୦.୦୮୦	ରାଜୁ ବାରିକ, ଲକ୍ଷ୍ମଣ ବାରିକ, ପି-ମଣି ବାରିକ, ମୁଣ୍ଡା ବାରିକ, ଦୁଃଖିଆ ବାରିକ, ପି-ଗୋପାଳ ବାରିକ, ଗ୍ରା-ମଦରକଟୋଳ
	ମୁକୁନ୍ଦପଦା	୧୪୪୨	ବେସରକାରୀ	ଶାରଦ-୨	୦.୦୧୦	ରତ୍ନାକର ନାୟକ, ପି-ରଘୁନାଥ ନାୟକ, ବିଜୟ ନାୟକ, ଗ୍ରା-ରଘୁନାଥ ନାୟକ, ଜଗବନ୍ଧୁ ନାୟକ, ପଦ୍ମ ନାୟକ, ପି-କୃଷ୍ଣ ନାୟକ, ସନାତନ ନାୟକ, ବସନ୍ତ କୁମାର ନାୟକ, ପି-ମାଧୁରୀ ନାୟକ, କୃପାସାଗର ନାୟକ, ପି-ପାଞ୍ଚୁ ନାୟକ, ଗ୍ରା-ନିଜଗାଁ
	ମୁକୁନ୍ଦପଦା	୧୪୪୪	ବେସରକାରୀ	ଶାରଦ-୨	୦.୧୫୦	କାଶୀନାଥ ସ୍ୱାଇଁ, କାଳିଆ ଲେଙ୍କା, ବଳମ ମହାନ୍ତି, ପି-ସାଧୁ ସ୍ୱାଇଁ, ମାଧବ ସ୍ୱାଇଁ, ପ୍ରଦ୍ୟୁ ସ୍ୱାଇଁ, ପଦନ ସ୍ୱାଇଁ, ପଞ୍ଚୁ ସ୍ୱାଇଁ, ପି-ମଦନ ସ୍ୱାଇଁ, ଗ୍ରା-ମଦରକଟୋଳ
	ମୁକୁନ୍ଦପଦା	୧୪୪୭	ବେସରକାରୀ	ଶାରଦ-୩	୦.୦୮୦	ରତ୍ନାକର ନାୟକ, ପି-ରଘୁନାଥ ନାୟକ, ବିଜୟ ନାୟକ, ଗ୍ରା-ରଘୁନାଥ ନାୟକ, ଜଗବନ୍ଧୁ ନାୟକ, ପଦ୍ମ ନାୟକ, ପି-କୃଷ୍ଣ ନାୟକ, ସନାତନ ନାୟକ, ବସନ୍ତ କୁମାର ନାୟକ, ପି-ମାଧୁରୀ ନାୟକ, କୃପାସାଗର ନାୟକ, ପି-ପାଞ୍ଚୁ ନାୟକ, ଗ୍ରା-ନିଜଗାଁ
	ମୁକୁନ୍ଦପଦା	୧୪୪୮	ବେସରକାରୀ	ଶାରଦ-୩	୦.୦୪୦	ରତ୍ନାକର ନାୟକ, ପି-ରଘୁନାଥ ନାୟକ, ବିଜୟ ନାୟକ, ଗ୍ରା-ରଘୁନାଥ ନାୟକ, ଜଗବନ୍ଧୁ ନାୟକ, ପଦ୍ମ ନାୟକ, ପି-କୃଷ୍ଣ ନାୟକ, ସନାତନ ନାୟକ, ବସନ୍ତ କୁମାର ନାୟକ, ପି-ମାଧୁରୀ ନାୟକ, କୃପାସାଗର ନାୟକ, ପି-ପାଞ୍ଚୁ ନାୟକ, ଗ୍ରା-ନିଜଗାଁ
	ମୁକୁନ୍ଦପଦା	୧୪୪୯	ବେସରକାରୀ	ଶାରଦ-୩	୦.୦୮୦	ରତ୍ନାକର ନାୟକ, ପି-ରଘୁନାଥ ନାୟକ, ବିଜୟ ନାୟକ, ଗ୍ରା-ରଘୁନାଥ ନାୟକ, ଜଗବନ୍ଧୁ ନାୟକ, ପଦ୍ମ ନାୟକ, ପି-କୃଷ୍ଣ ନାୟକ, ସନାତନ ନାୟକ, ବସନ୍ତ କୁମାର ନାୟକ, ପି-ମାଧୁରୀ ନାୟକ, କୃପାସାଗର ନାୟକ, ପି-ପାଞ୍ଚୁ ନାୟକ, ଗ୍ରା-ନିଜଗାଁ
	ମୁକୁନ୍ଦପଦା	୧୪୫୦	ବେସରକାରୀ	ଶାରଦ-୩	୦.୦୪୦	ରତ୍ନାକର ନାୟକ, ପି-ରଘୁନାଥ ନାୟକ, ବିଜୟ ନାୟକ, ଗ୍ରା-ରଘୁନାଥ ନାୟକ, ଜଗବନ୍ଧୁ ନାୟକ, ପଦ୍ମ ନାୟକ, ପି-କୃଷ୍ଣ ନାୟକ, ସନାତନ ନାୟକ, ବସନ୍ତ କୁମାର ନାୟକ, ପି-ମାଧୁରୀ ନାୟକ, କୃପାସାଗର ନାୟକ, ପି-ପାଞ୍ଚୁ ନାୟକ, ଗ୍ରା-ନିଜଗାଁ
	ମୁକୁନ୍ଦପଦା	୧୪୫୧	ବେସରକାରୀ	ଶାରଦ-୩	୦.୦୪୦	ରତ୍ନାକର ନାୟକ, ପି-ରଘୁନାଥ ନାୟକ, ବିଜୟ ନାୟକ, ଗ୍ରା-ରଘୁନାଥ ନାୟକ, ଜଗବନ୍ଧୁ ନାୟକ, ପଦ୍ମ ନାୟକ, ପି-କୃଷ୍ଣ ନାୟକ, ସନାତନ ନାୟକ, ବସନ୍ତ କୁମାର ନାୟକ, ପି-ମାଧୁରୀ ନାୟକ, କୃପାସାଗର ନାୟକ, ପି-ପାଞ୍ଚୁ ନାୟକ, ଗ୍ରା-ନିଜଗାଁ
See Next Pg. ↩
